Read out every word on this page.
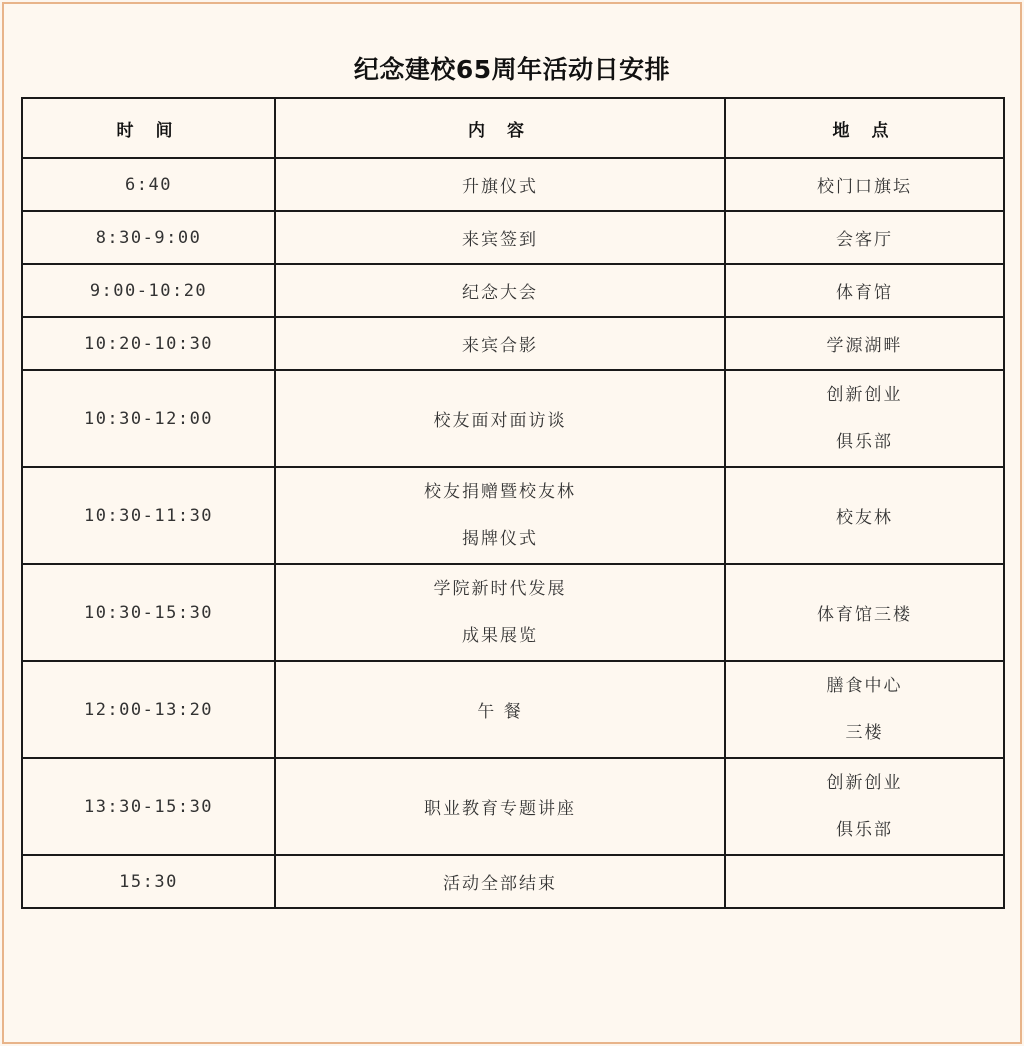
纪念建校65周年活动日安排
时 间	内 容	地 点
6:40	升旗仪式	校门口旗坛

8:30-9:00	来宾签到	会客厅

9:00-10:20	纪念大会	体育馆

10:20-10:30	来宾合影	学源湖畔

10:30-12:00	校友面对面访谈	创新创业
俱乐部

10:30-11:30	校友捐赠暨校友林
揭牌仪式	校友林

10:30-15:30	学院新时代发展
成果展览	体育馆三楼

12:00-13:20	午 餐	膳食中心
三楼

13:30-15:30	职业教育专题讲座	创新创业
俱乐部

15:30	活动全部结束	
